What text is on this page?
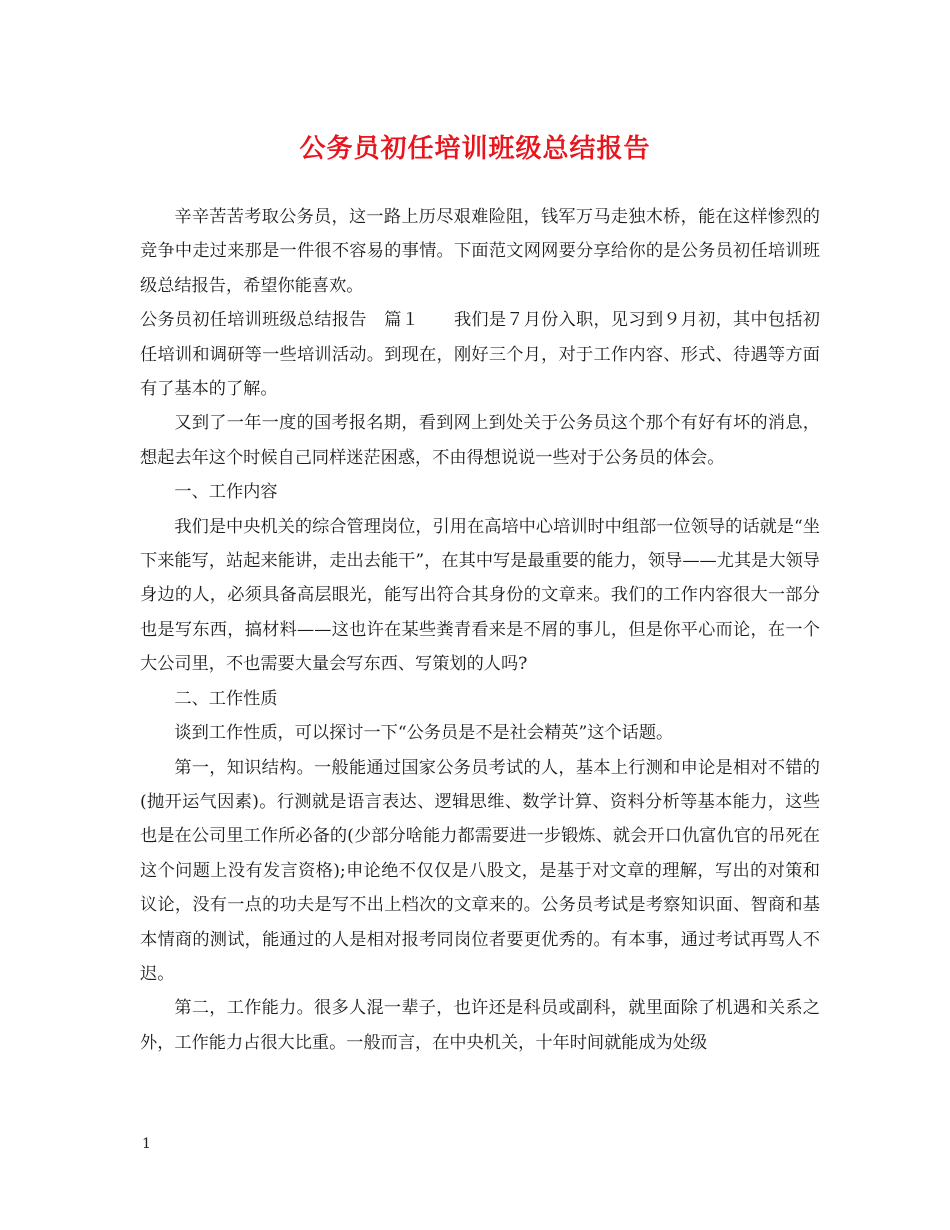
公务员初任培训班级总结报告

辛辛苦苦考取公务员，这一路上历尽艰难险阻，钱军万马走独木桥，能在这样惨烈的竞争中走过来那是一件很不容易的事情。下面范文网网要分享给你的是公务员初任培训班级总结报告，希望你能喜欢。

公务员初任培训班级总结报告　篇１　　我们是７月份入职，见习到９月初，其中包括初任培训和调研等一些培训活动。到现在，刚好三个月，对于工作内容、形式、待遇等方面有了基本的了解。

又到了一年一度的国考报名期，看到网上到处关于公务员这个那个有好有坏的消息，想起去年这个时候自己同样迷茫困惑，不由得想说说一些对于公务员的体会。

一、工作内容

我们是中央机关的综合管理岗位，引用在高培中心培训时中组部一位领导的话就是“坐下来能写，站起来能讲，走出去能干”，在其中写是最重要的能力，领导——尤其是大领导身边的人，必须具备高层眼光，能写出符合其身份的文章来。我们的工作内容很大一部分也是写东西，搞材料——这也许在某些粪青看来是不屑的事儿，但是你平心而论，在一个大公司里，不也需要大量会写东西、写策划的人吗?

二、工作性质

谈到工作性质，可以探讨一下“公务员是不是社会精英”这个话题。

第一，知识结构。一般能通过国家公务员考试的人，基本上行测和申论是相对不错的(抛开运气因素)。行测就是语言表达、逻辑思维、数学计算、资料分析等基本能力，这些也是在公司里工作所必备的(少部分啥能力都需要进一步锻炼、就会开口仇富仇官的吊死在这个问题上没有发言资格);申论绝不仅仅是八股文，是基于对文章的理解，写出的对策和议论，没有一点的功夫是写不出上档次的文章来的。公务员考试是考察知识面、智商和基本情商的测试，能通过的人是相对报考同岗位者要更优秀的。有本事，通过考试再骂人不迟。

第二，工作能力。很多人混一辈子，也许还是科员或副科，就里面除了机遇和关系之外，工作能力占很大比重。一般而言，在中央机关，十年时间就能成为处级

1
